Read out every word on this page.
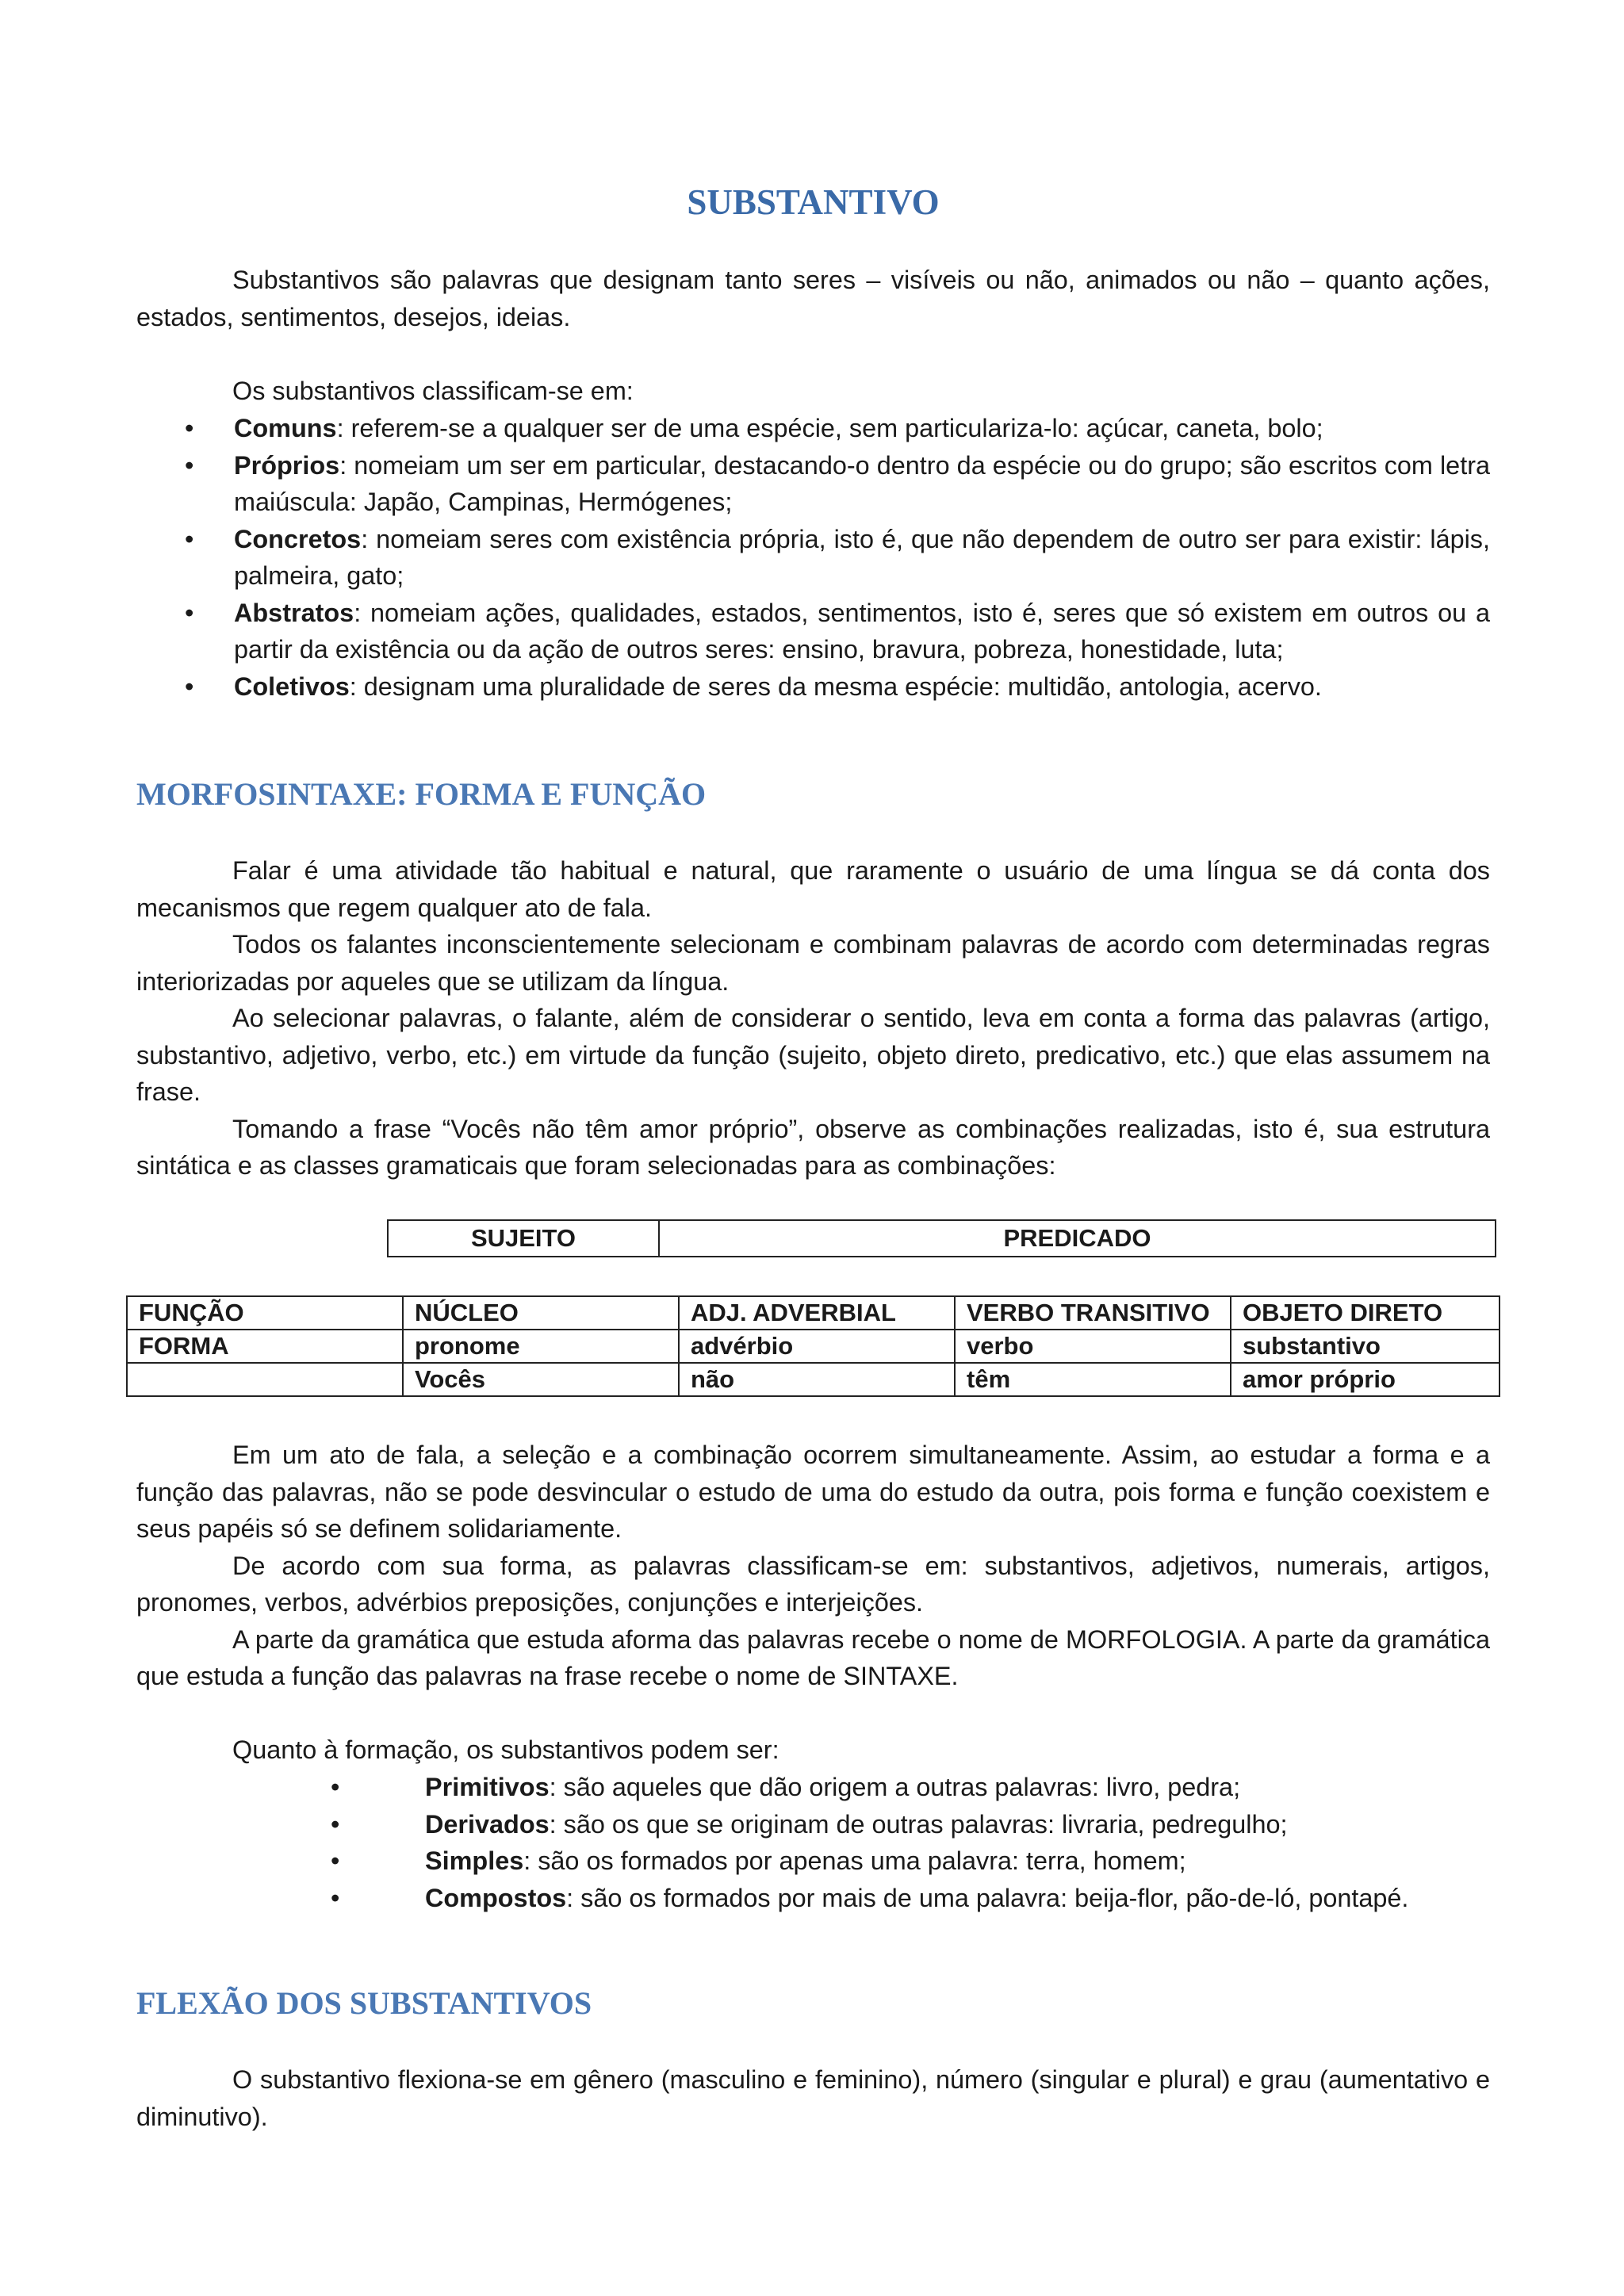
SUBSTANTIVO

Substantivos são palavras que designam tanto seres – visíveis ou não, animados ou não – quanto ações, estados, sentimentos, desejos, ideias.

Os substantivos classificam-se em:

• Comuns: referem-se a qualquer ser de uma espécie, sem particulariza-lo: açúcar, caneta, bolo;
• Próprios: nomeiam um ser em particular, destacando-o dentro da espécie ou do grupo; são escritos com letra maiúscula: Japão, Campinas, Hermógenes;
• Concretos: nomeiam seres com existência própria, isto é, que não dependem de outro ser para existir: lápis, palmeira, gato;
• Abstratos: nomeiam ações, qualidades, estados, sentimentos, isto é, seres que só existem em outros ou a partir da existência ou da ação de outros seres: ensino, bravura, pobreza, honestidade, luta;
• Coletivos: designam uma pluralidade de seres da mesma espécie: multidão, antologia, acervo.
MORFOSINTAXE: FORMA E FUNÇÃO

Falar é uma atividade tão habitual e natural, que raramente o usuário de uma língua se dá conta dos mecanismos que regem qualquer ato de fala.

Todos os falantes inconscientemente selecionam e combinam palavras de acordo com determinadas regras interiorizadas por aqueles que se utilizam da língua.

Ao selecionar palavras, o falante, além de considerar o sentido, leva em conta a forma das palavras (artigo, substantivo, adjetivo, verbo, etc.) em virtude da função (sujeito, objeto direto, predicativo, etc.) que elas assumem na frase.

Tomando a frase “Vocês não têm amor próprio”, observe as combinações realizadas, isto é, sua estrutura sintática e as classes gramaticais que foram selecionadas para as combinações:

SUJEITO	PREDICADO
FUNÇÃO	NÚCLEO	ADJ. ADVERBIAL	VERBO TRANSITIVO	OBJETO DIRETO
FORMA	pronome	advérbio	verbo	substantivo
	Vocês	não	têm	amor próprio

Em um ato de fala, a seleção e a combinação ocorrem simultaneamente. Assim, ao estudar a forma e a função das palavras, não se pode desvincular o estudo de uma do estudo da outra, pois forma e função coexistem e seus papéis só se definem solidariamente.

De acordo com sua forma, as palavras classificam-se em: substantivos, adjetivos, numerais, artigos, pronomes, verbos, advérbios preposições, conjunções e interjeições.

A parte da gramática que estuda aforma das palavras recebe o nome de MORFOLOGIA. A parte da gramática que estuda a função das palavras na frase recebe o nome de SINTAXE.

Quanto à formação, os substantivos podem ser:

•	Primitivos: são aqueles que dão origem a outras palavras: livro, pedra;
•	Derivados: são os que se originam de outras palavras: livraria, pedregulho;
•	Simples: são os formados por apenas uma palavra: terra, homem;
•	Compostos: são os formados por mais de uma palavra: beija-flor, pão-de-ló, pontapé.
FLEXÃO DOS SUBSTANTIVOS

O substantivo flexiona-se em gênero (masculino e feminino), número (singular e plural) e grau (aumentativo e diminutivo).
